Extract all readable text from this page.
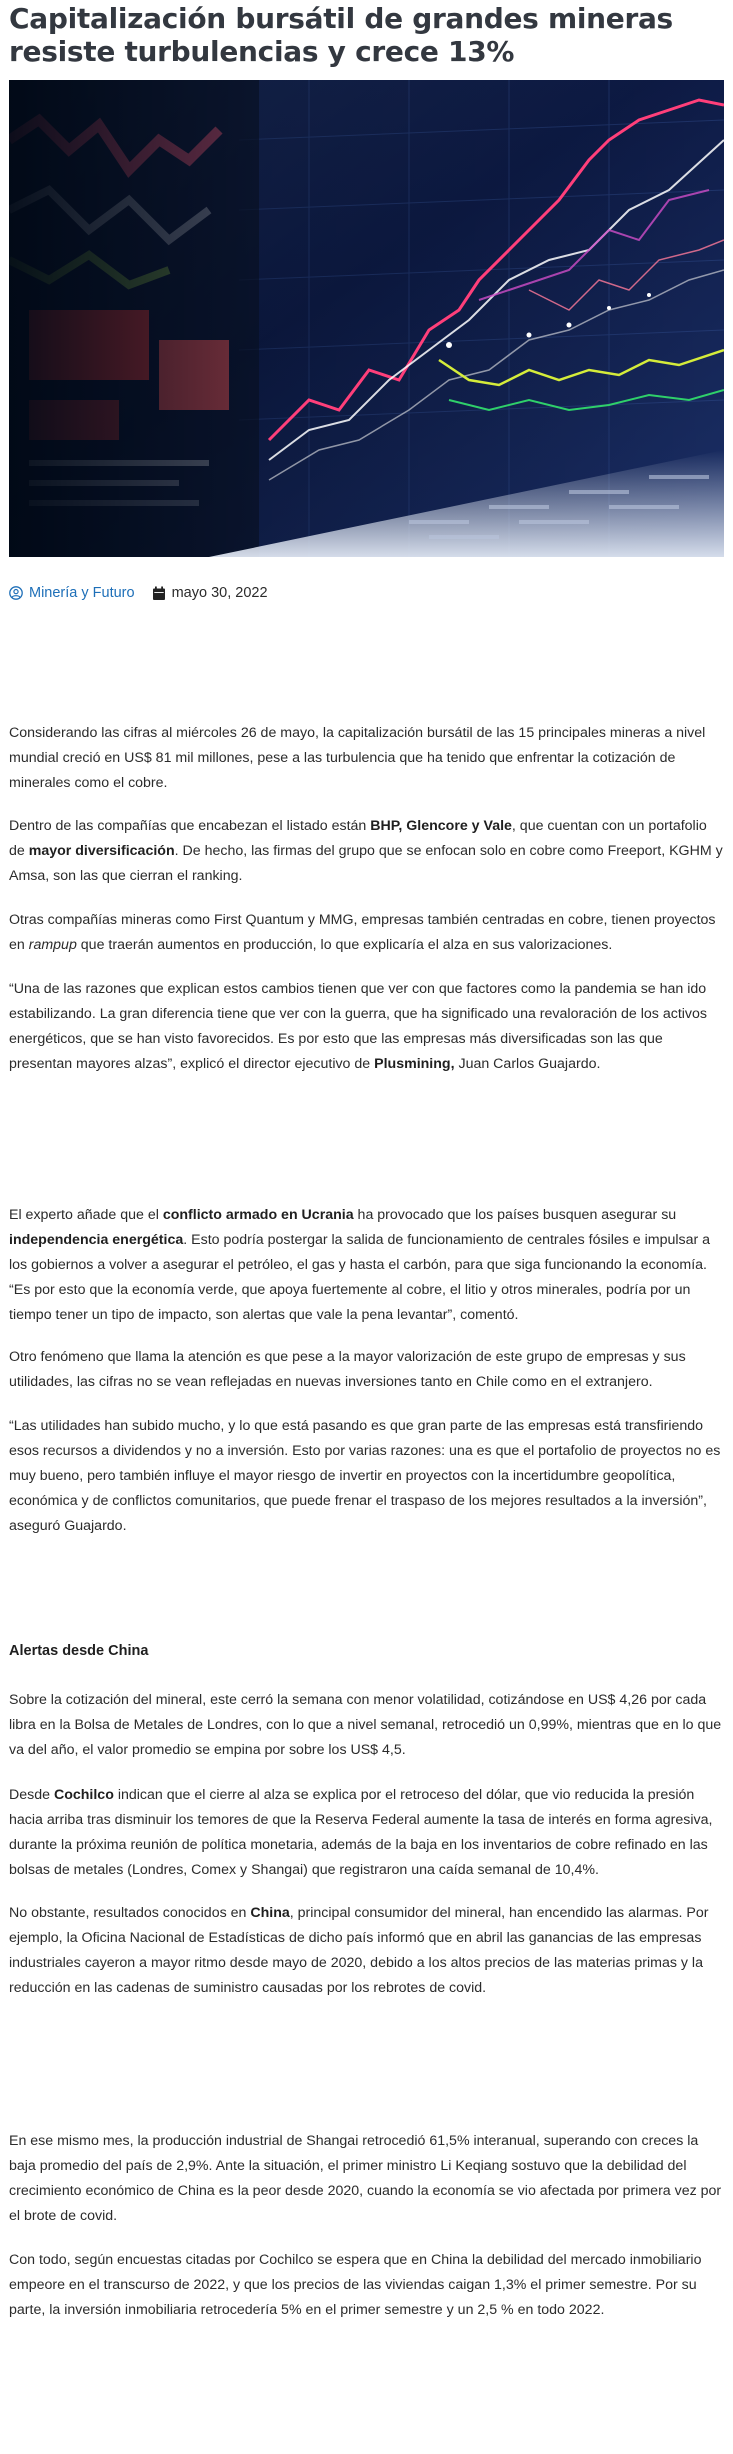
Capitalización bursátil de grandes mineras resiste turbulencias y crece 13%
Minería y Futuro	mayo 30, 2022

Considerando las cifras al miércoles 26 de mayo, la capitalización bursátil de las 15 principales mineras a nivel mundial creció en US$ 81 mil millones, pese a las turbulencia que ha tenido que enfrentar la cotización de minerales como el cobre.

Dentro de las compañías que encabezan el listado están BHP, Glencore y Vale, que cuentan con un portafolio de mayor diversificación. De hecho, las firmas del grupo que se enfocan solo en cobre como Freeport, KGHM y Amsa, son las que cierran el ranking.

Otras compañías mineras como First Quantum y MMG, empresas también centradas en cobre, tienen proyectos en rampup que traerán aumentos en producción, lo que explicaría el alza en sus valorizaciones.

“Una de las razones que explican estos cambios tienen que ver con que factores como la pandemia se han ido estabilizando. La gran diferencia tiene que ver con la guerra, que ha significado una revaloración de los activos energéticos, que se han visto favorecidos. Es por esto que las empresas más diversificadas son las que presentan mayores alzas”, explicó el director ejecutivo de Plusmining, Juan Carlos Guajardo.

El experto añade que el conflicto armado en Ucrania ha provocado que los países busquen asegurar su independencia energética. Esto podría postergar la salida de funcionamiento de centrales fósiles e impulsar a los gobiernos a volver a asegurar el petróleo, el gas y hasta el carbón, para que siga funcionando la economía. “Es por esto que la economía verde, que apoya fuertemente al cobre, el litio y otros minerales, podría por un tiempo tener un tipo de impacto, son alertas que vale la pena levantar”, comentó.

Otro fenómeno que llama la atención es que pese a la mayor valorización de este grupo de empresas y sus utilidades, las cifras no se vean reflejadas en nuevas inversiones tanto en Chile como en el extranjero.

“Las utilidades han subido mucho, y lo que está pasando es que gran parte de las empresas está transfiriendo esos recursos a dividendos y no a inversión. Esto por varias razones: una es que el portafolio de proyectos no es muy bueno, pero también influye el mayor riesgo de invertir en proyectos con la incertidumbre geopolítica, económica y de conflictos comunitarios, que puede frenar el traspaso de los mejores resultados a la inversión”, aseguró Guajardo.

Alertas desde China

Sobre la cotización del mineral, este cerró la semana con menor volatilidad, cotizándose en US$ 4,26 por cada libra en la Bolsa de Metales de Londres, con lo que a nivel semanal, retrocedió un 0,99%, mientras que en lo que va del año, el valor promedio se empina por sobre los US$ 4,5.

Desde Cochilco indican que el cierre al alza se explica por el retroceso del dólar, que vio reducida la presión hacia arriba tras disminuir los temores de que la Reserva Federal aumente la tasa de interés en forma agresiva, durante la próxima reunión de política monetaria, además de la baja en los inventarios de cobre refinado en las bolsas de metales (Londres, Comex y Shangai) que registraron una caída semanal de 10,4%.

No obstante, resultados conocidos en China, principal consumidor del mineral, han encendido las alarmas. Por ejemplo, la Oficina Nacional de Estadísticas de dicho país informó que en abril las ganancias de las empresas industriales cayeron a mayor ritmo desde mayo de 2020, debido a los altos precios de las materias primas y la reducción en las cadenas de suministro causadas por los rebrotes de covid.

En ese mismo mes, la producción industrial de Shangai retrocedió 61,5% interanual, superando con creces la baja promedio del país de 2,9%. Ante la situación, el primer ministro Li Keqiang sostuvo que la debilidad del crecimiento económico de China es la peor desde 2020, cuando la economía se vio afectada por primera vez por el brote de covid.

Con todo, según encuestas citadas por Cochilco se espera que en China la debilidad del mercado inmobiliario empeore en el transcurso de 2022, y que los precios de las viviendas caigan 1,3% el primer semestre. Por su parte, la inversión inmobiliaria retrocedería 5% en el primer semestre y un 2,5 % en todo 2022.
